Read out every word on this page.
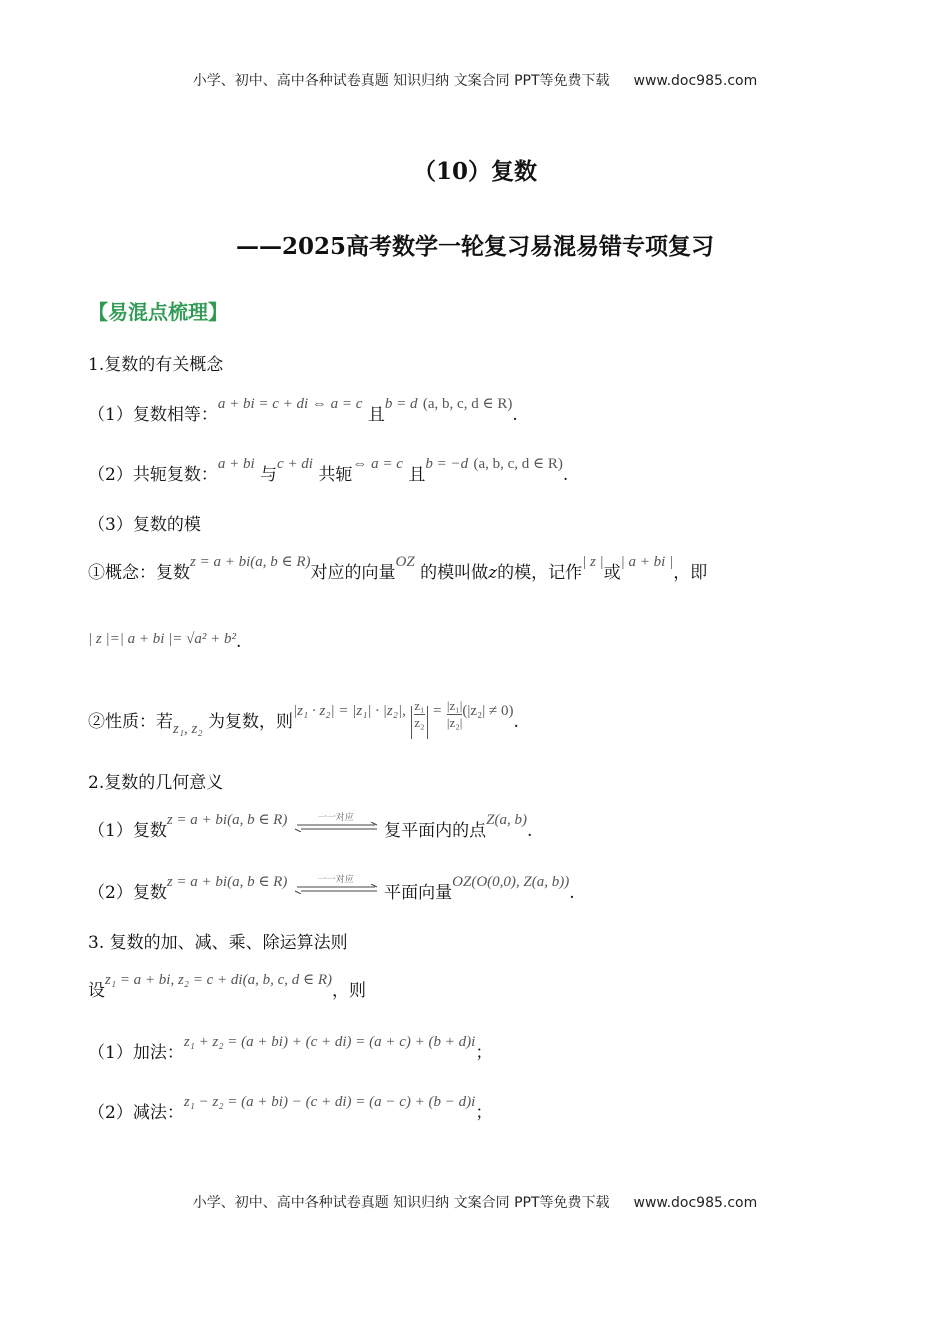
小学、初中、高中各种试卷真题 知识归纳 文案合同 PPT等免费下载 www.doc985.com
（10）复数
——2025高考数学一轮复习易混易错专项复习
【易混点梳理】
1.复数的有关概念
（1）复数相等：a + bi = c + di ⇔ a = c 且b = d (a, b, c, d ∈ R).
（2）共轭复数：a + bi 与c + di 共轭⇔ a = c 且b = −d (a, b, c, d ∈ R).
（3）复数的模
①概念：复数z = a + bi(a, b ∈ R)对应的向量OZ 的模叫做z的模，记作| z |或| a + bi |，即
| z |=| a + bi |= √a² + b².
②性质：若z₁, z₂ 为复数，则|z₁ · z₂| = |z₁| · |z₂|, $\frac{\text{z₁}}{\text{z₂}} = \frac{\text{|z₁|}}{\text{|z₂|}} (|z_2| \ne 0)$.
2.复数的几何意义
（1）复数z = a + bi(a, b ∈ R)	一一对应
复平面内的点Z(a, b).
（2）复数z = a + bi(a, b ∈ R)	一一对应
平面向量OZ(O(0,0), Z(a, b)).
3. 复数的加、减、乘、除运算法则
设z₁ = a + bi, z₂ = c + di(a, b, c, d ∈ R)，则
（1）加法：z₁ + z₂ = (a + bi) + (c + di) = (a + c) + (b + d)i；
（2）减法：z₁ − z₂ = (a + bi) − (c + di) = (a − c) + (b − d)i；
小学、初中、高中各种试卷真题 知识归纳 文案合同 PPT等免费下载 www.doc985.com
